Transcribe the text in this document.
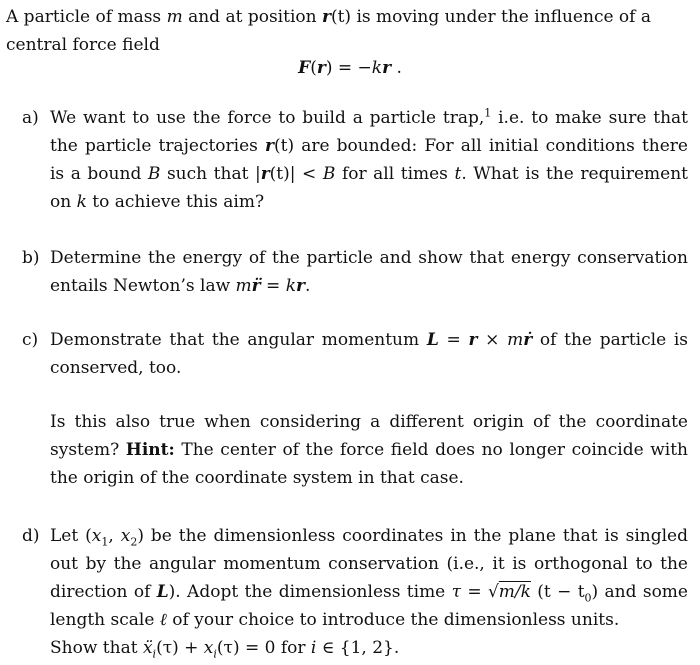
A particle of mass m and at position r(t) is moving under the influence of a central force field
F(r) = −kr .
a) We want to use the force to build a particle trap,$^1$ i.e. to make sure that the particle trajectories r(t) are bounded: For all initial conditions there is a bound B such that |r(t)| < B for all times t. What is the requirement on k to achieve this aim?
b) Determine the energy of the particle and show that energy conservation entails Newton’s law mr̈ = kr.
c) Demonstrate that the angular momentum L = r × mṙ of the particle is conserved, too.
Is this also true when considering a different origin of the coordinate system? Hint: The center of the force field does no longer coincide with the origin of the coordinate system in that case.
d) Let ($x_1$, $x_2$) be the dimensionless coordinates in the plane that is singled out by the angular momentum conservation (i.e., it is orthogonal to the direction of L). Adopt the dimensionless time τ = √m/k $(t - t_0)$ and some length scale ℓ of your choice to introduce the dimensionless units.
Show that ẍ$_i$(τ) + $x_i(\tau) = 0$ for i ∈ {1, 2}.
